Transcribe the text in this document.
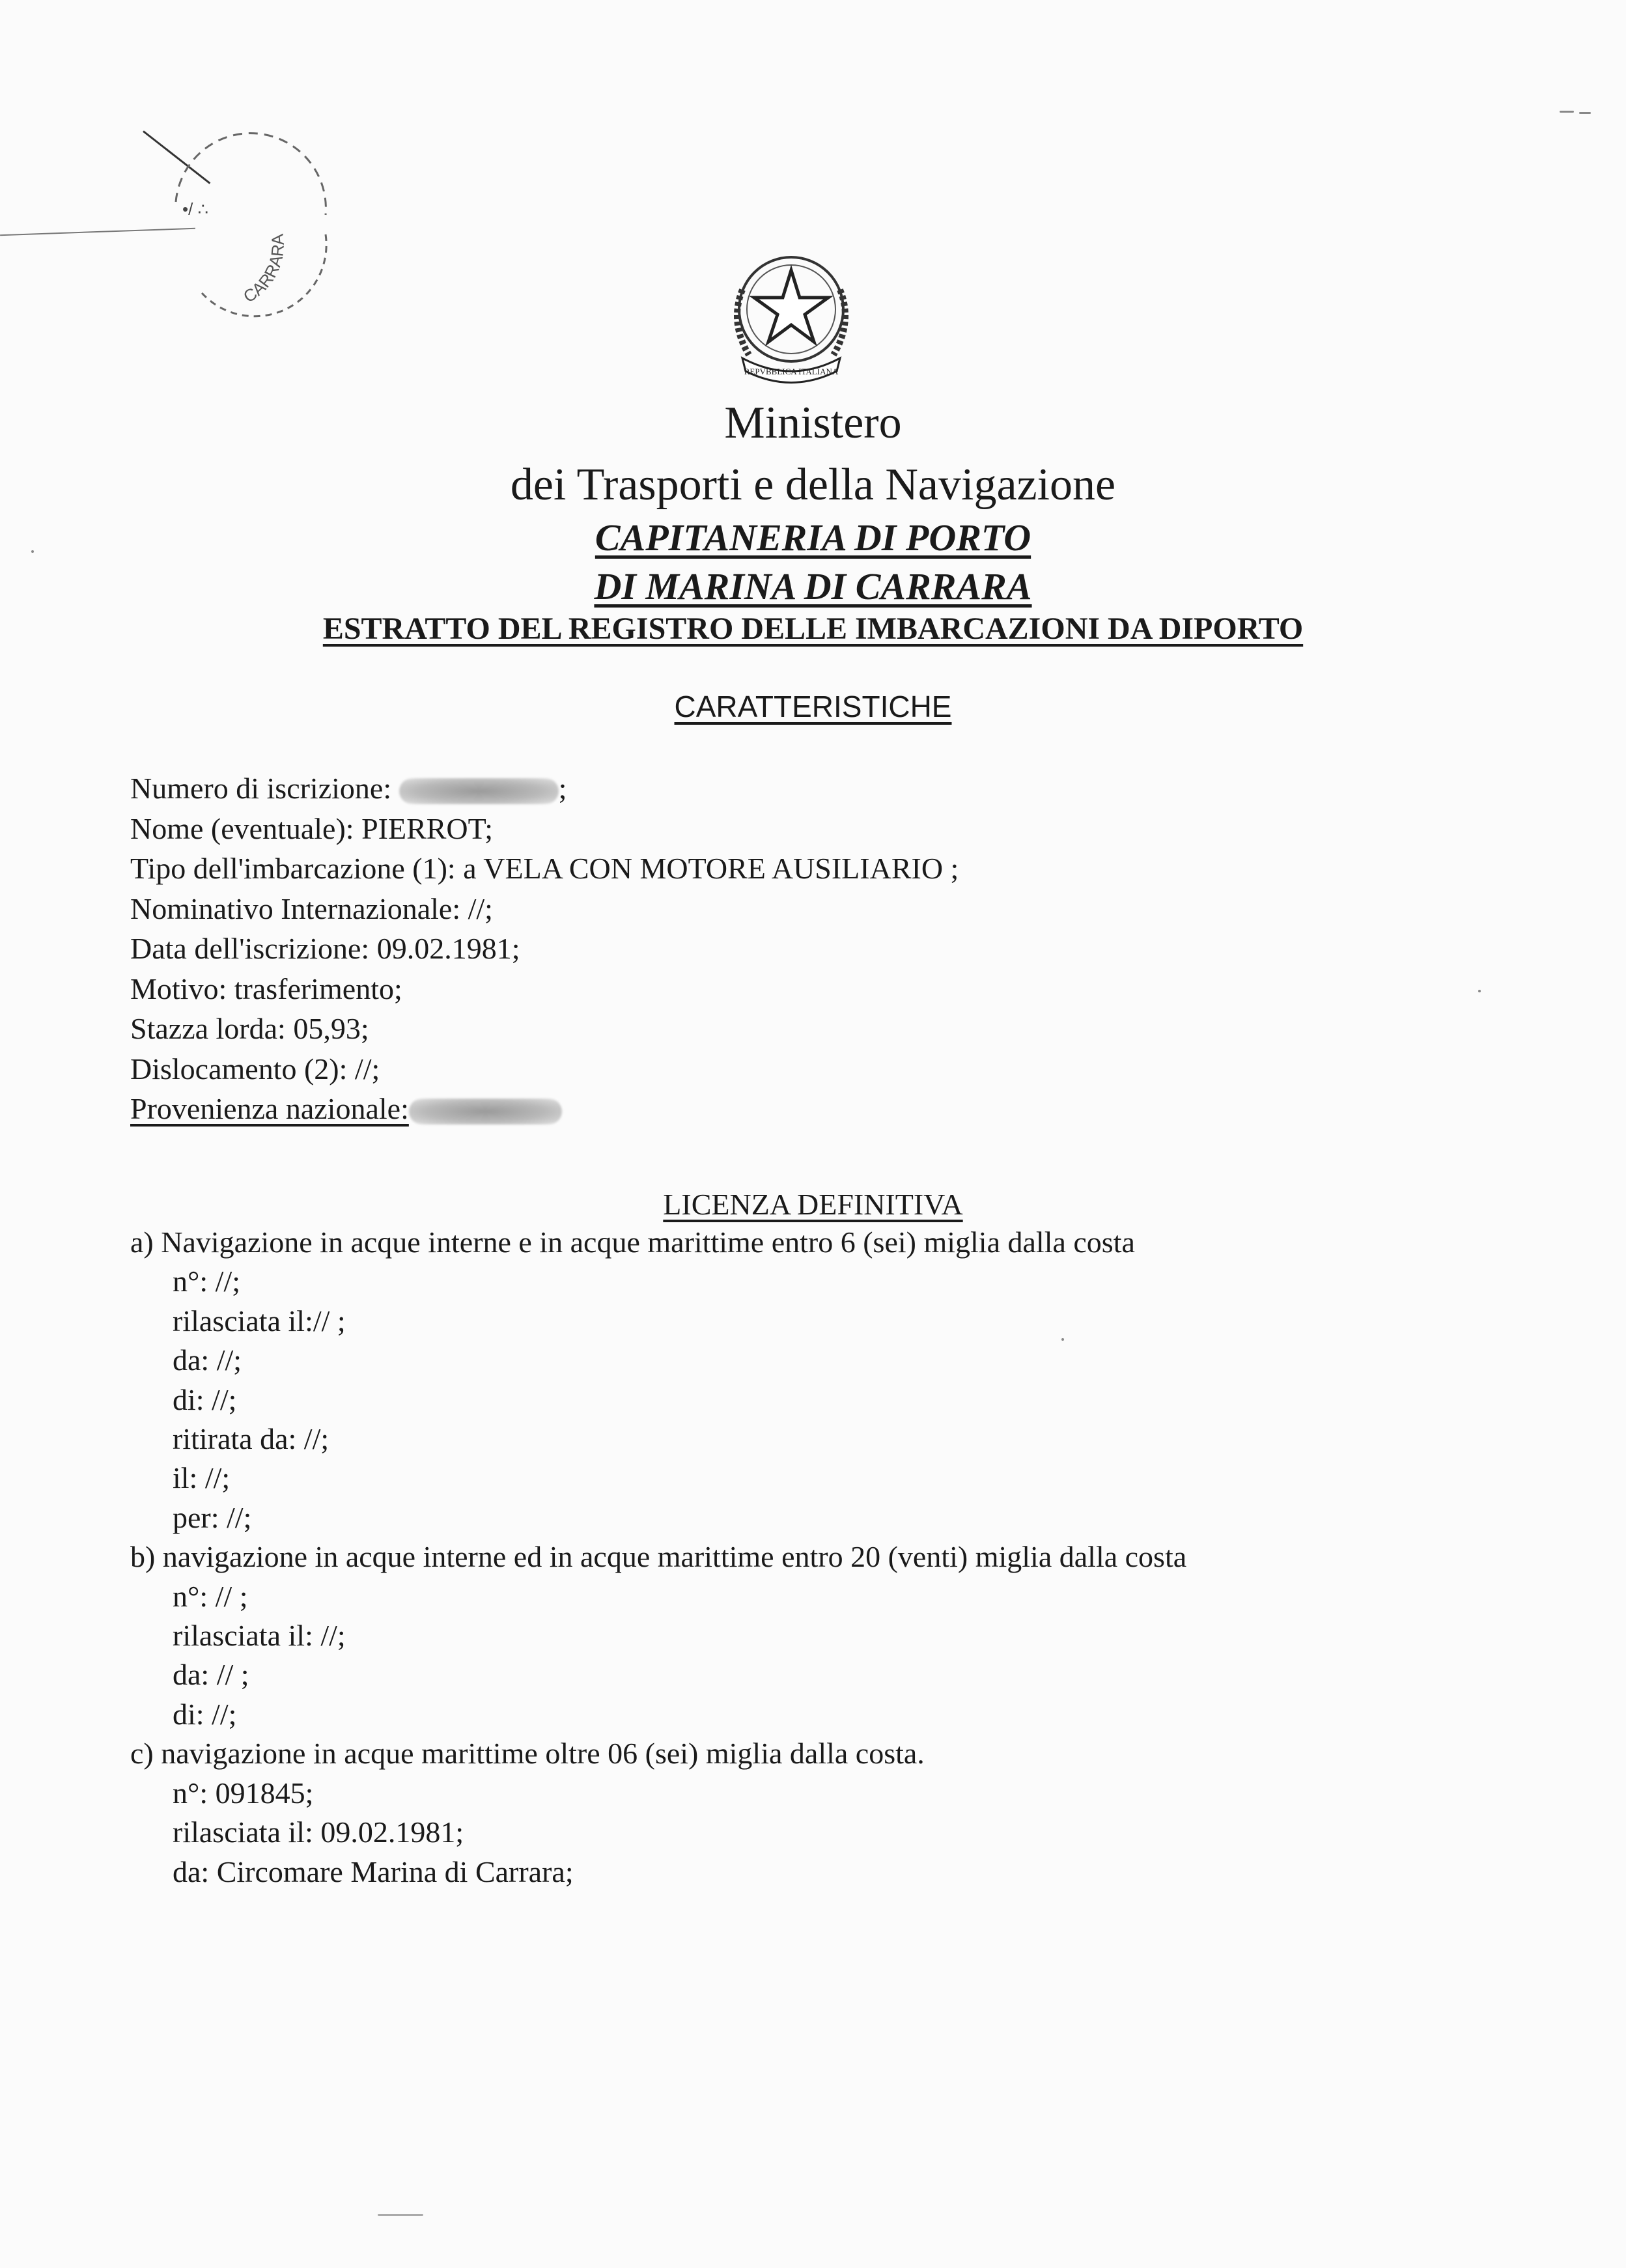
CARRARA
•/ ∴
REPVBBLICA ITALIANA
Ministero
dei Trasporti e della Navigazione
CAPITANERIA DI PORTO
DI MARINA DI CARRARA
ESTRATTO DEL REGISTRO DELLE IMBARCAZIONI DA DIPORTO
CARATTERISTICHE
Numero di iscrizione:	;
Nome (eventuale): PIERROT;
Tipo dell'imbarcazione (1): a VELA CON MOTORE AUSILIARIO ;
Nominativo Internazionale: //;
Data dell'iscrizione: 09.02.1981;
Motivo: trasferimento;
Stazza lorda: 05,93;
Dislocamento (2): //;
Provenienza nazionale:
LICENZA DEFINITIVA
a) Navigazione in acque interne e in acque marittime entro 6 (sei) miglia dalla costa
n°: //;
rilasciata il:// ;
da: //;
di: //;
ritirata da: //;
il: //;
per: //;
b) navigazione in acque interne ed in acque marittime entro 20 (venti) miglia dalla costa
n°: // ;
rilasciata il: //;
da: // ;
di: //;
c) navigazione in acque marittime oltre 06 (sei) miglia dalla costa.
n°: 091845;
rilasciata il: 09.02.1981;
da: Circomare Marina di Carrara;
